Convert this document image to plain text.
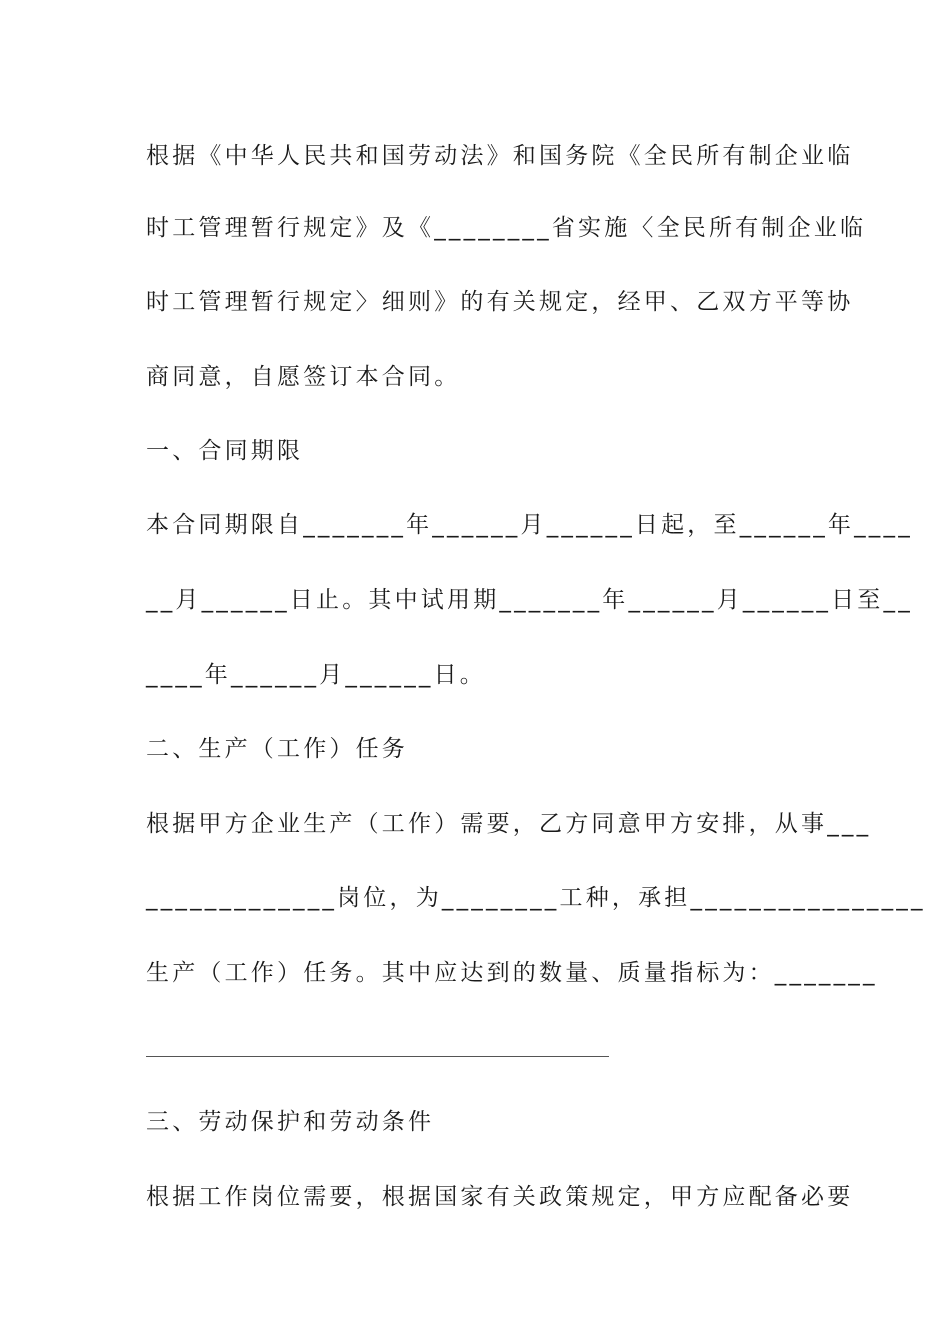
根据《中华人民共和国劳动法》和国务院《全民所有制企业临

时工管理暂行规定》及《________省实施〈全民所有制企业临

时工管理暂行规定〉细则》的有关规定，经甲、乙双方平等协

商同意，自愿签订本合同。

一、合同期限

本合同期限自_______年______月______日起，至______年____

__月______日止。其中试用期_______年______月______日至__

____年______月______日。

二、生产（工作）任务

根据甲方企业生产（工作）需要，乙方同意甲方安排，从事___

_____________岗位，为________工种，承担________________

生产（工作）任务。其中应达到的数量、质量指标为：_______

三、劳动保护和劳动条件

根据工作岗位需要，根据国家有关政策规定，甲方应配备必要
